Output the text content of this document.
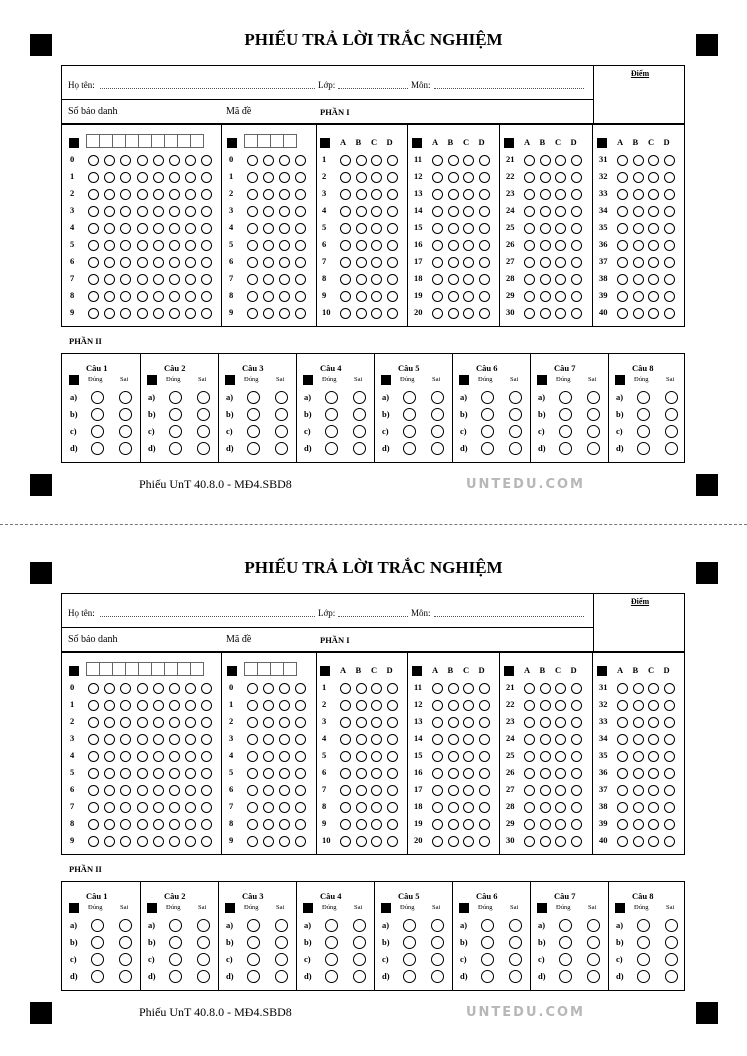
PHIẾU TRẢ LỜI TRẮC NGHIỆM
Điểm
Họ tên:	Lớp:	Môn:
Số báo danh	Mã đề	PHẦN I
0
1
2
3
4
5
6
7
8
9
0
1
2
3
4
5
6
7
8
9
A B C D
1
2
3
4
5
6
7
8
9
10
A B C D
11
12
13
14
15
16
17
18
19
20
A B C D
21
22
23
24
25
26
27
28
29
30
A B C D
31
32
33
34
35
36
37
38
39
40
PHẦN II
Câu 1
Đúng	Sai
a)
b)
c)
d)
Câu 2
Đúng	Sai
a)
b)
c)
d)
Câu 3
Đúng	Sai
a)
b)
c)
d)
Câu 4
Đúng	Sai
a)
b)
c)
d)
Câu 5
Đúng	Sai
a)
b)
c)
d)
Câu 6
Đúng	Sai
a)
b)
c)
d)
Câu 7
Đúng	Sai
a)
b)
c)
d)
Câu 8
Đúng	Sai
a)
b)
c)
d)
Phiếu UnT 40.8.0 - MĐ4.SBD8	UNTEDU.COM
PHIẾU TRẢ LỜI TRẮC NGHIỆM
Điểm
Họ tên:	Lớp:	Môn:
Số báo danh	Mã đề	PHẦN I
0
1
2
3
4
5
6
7
8
9
0
1
2
3
4
5
6
7
8
9
A B C D
1
2
3
4
5
6
7
8
9
10
A B C D
11
12
13
14
15
16
17
18
19
20
A B C D
21
22
23
24
25
26
27
28
29
30
A B C D
31
32
33
34
35
36
37
38
39
40
PHẦN II
Câu 1
Đúng	Sai
a)
b)
c)
d)
Câu 2
Đúng	Sai
a)
b)
c)
d)
Câu 3
Đúng	Sai
a)
b)
c)
d)
Câu 4
Đúng	Sai
a)
b)
c)
d)
Câu 5
Đúng	Sai
a)
b)
c)
d)
Câu 6
Đúng	Sai
a)
b)
c)
d)
Câu 7
Đúng	Sai
a)
b)
c)
d)
Câu 8
Đúng	Sai
a)
b)
c)
d)
Phiếu UnT 40.8.0 - MĐ4.SBD8	UNTEDU.COM
